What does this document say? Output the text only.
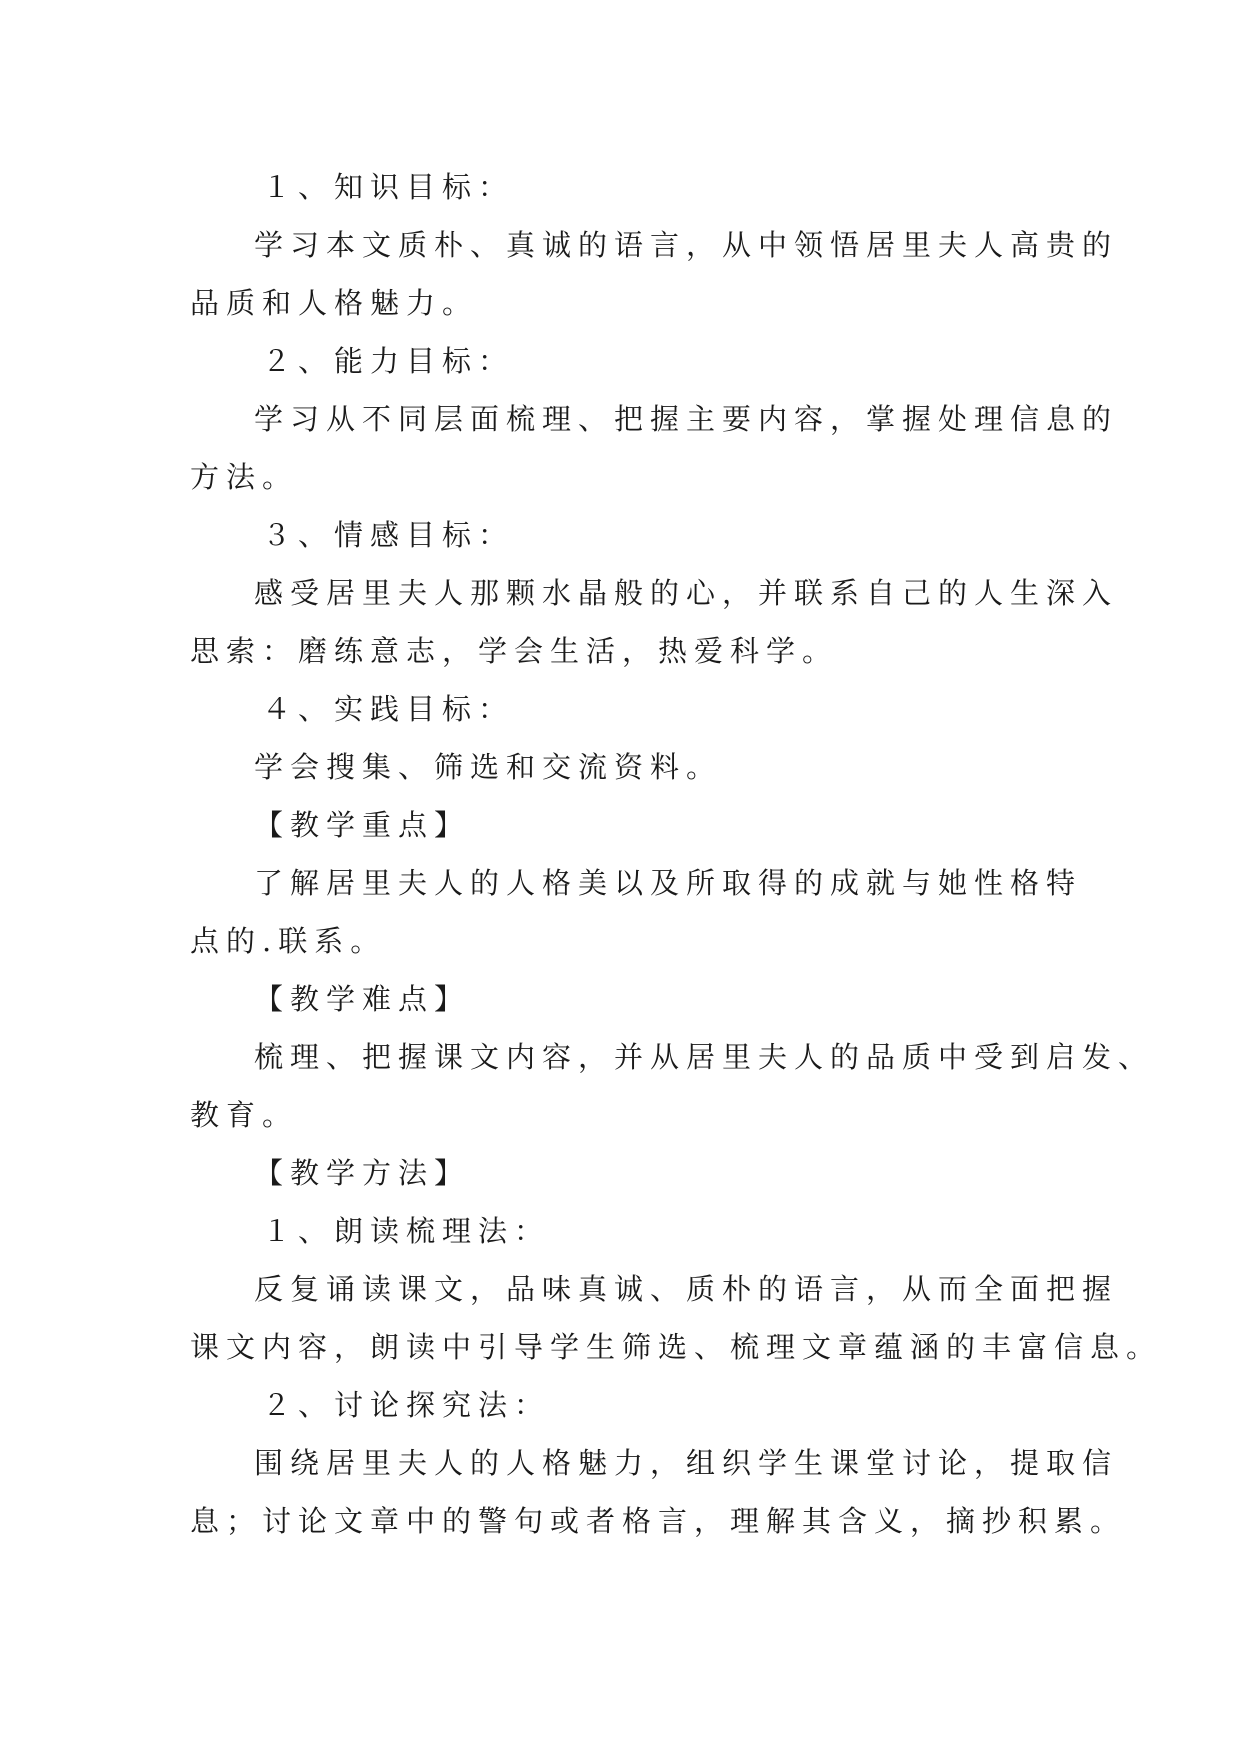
１、知识目标：
学习本文质朴、真诚的语言，从中领悟居里夫人高贵的
品质和人格魅力。
２、能力目标：
学习从不同层面梳理、把握主要内容，掌握处理信息的
方法。
３、情感目标：
感受居里夫人那颗水晶般的心，并联系自己的人生深入
思索：磨练意志，学会生活，热爱科学。
４、实践目标：
学会搜集、筛选和交流资料。
【教学重点】
了解居里夫人的人格美以及所取得的成就与她性格特
点的.联系。
【教学难点】
梳理、把握课文内容，并从居里夫人的品质中受到启发、
教育。
【教学方法】
１、朗读梳理法：
反复诵读课文，品味真诚、质朴的语言，从而全面把握
课文内容，朗读中引导学生筛选、梳理文章蕴涵的丰富信息。
２、讨论探究法：
围绕居里夫人的人格魅力，组织学生课堂讨论，提取信
息；讨论文章中的警句或者格言，理解其含义，摘抄积累。
